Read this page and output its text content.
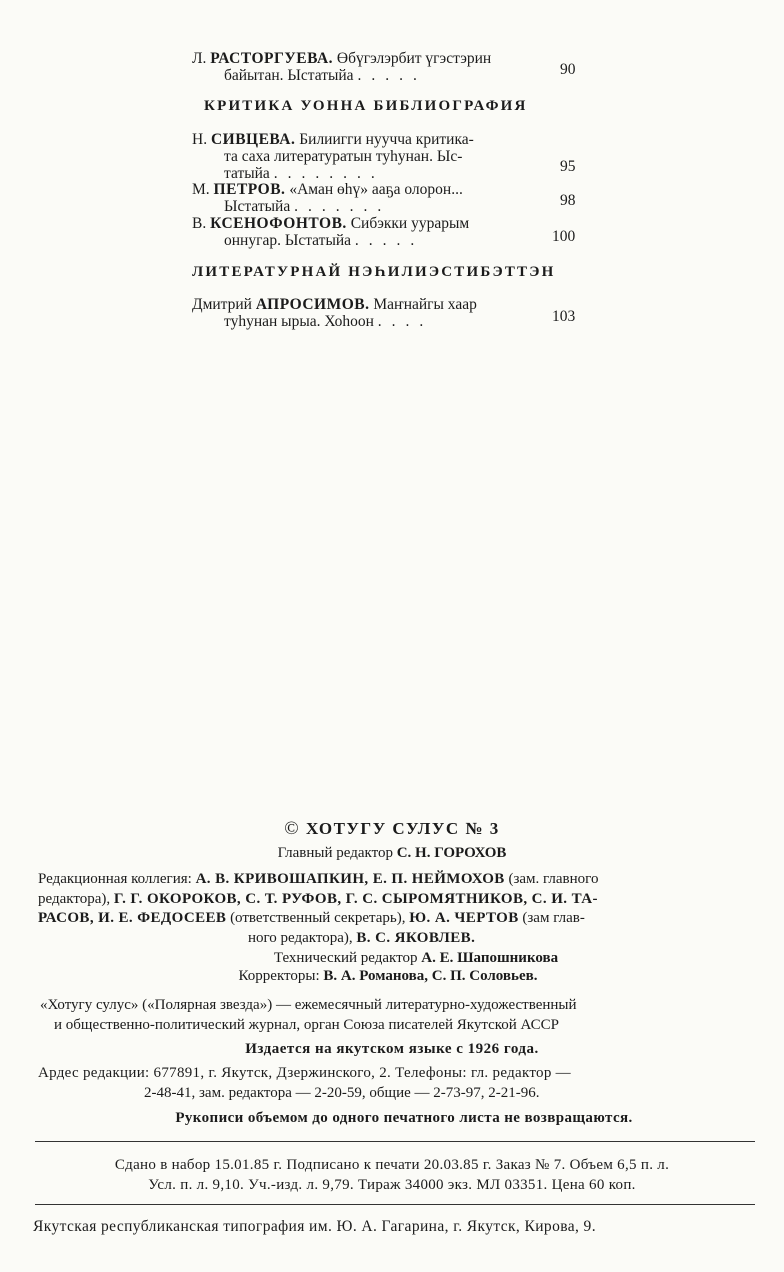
Л. РАСТОРГУЕВА. Өбүгэлэрбит үгэстэрин
байытан. Ыстатыйа .....	90
КРИТИКА УОННА БИБЛИОГРАФИЯ
Н. СИВЦЕВА. Билиигги нууччa критика-
та саха литературатын туһунан. Ыс-
татыйа ........	95
М. ПЕТРОВ. «Аман өһү» ааҕа олорон...
Ыстатыйа .......	98
В. КСЕНОФОНТОВ. Сибэкки уурарым
оннугар. Ыстатыйа .....	100
ЛИТЕРАТУРНАЙ НЭҺИЛИЭСТИБЭТТЭН
Дмитрий АПРОСИМОВ. Маҥнайгы хаар
туһунан ырыа. Хоһоон ....	103
© ХОТУГУ СУЛУС № 3
Главный редактор С. Н. ГОРОХОВ
Редакционная коллегия: А. В. КРИВОШАПКИН, Е. П. НЕЙМОХОВ (зам. главного
редактора), Г. Г. ОКОРОКОВ, С. Т. РУФОВ, Г. С. СЫРОМЯТНИКОВ, С. И. ТА-
РАСОВ, И. Е. ФЕДОСЕЕВ (ответственный секретарь), Ю. А. ЧЕРТОВ (зам глав-
ного редактора), В. С. ЯКОВЛЕВ.
Технический редактор А. Е. Шапошникова
Корректоры: В. А. Романова, С. П. Соловьев.
«Хотугу сулус» («Полярная звезда») — ежемесячный литературно-художественный
и общественно-политический журнал, орган Союза писателей Якутской АССР
Издается на якутском языке с 1926 года.
Ардес редакции: 677891, г. Якутск, Дзержинского, 2. Телефоны: гл. редактор —
2-48-41, зам. редактора — 2-20-59, общие — 2-73-97, 2-21-96.
Рукописи объемом до одного печатного листа не возвращаются.
Сдано в набор 15.01.85 г. Подписано к печати 20.03.85 г. Заказ № 7. Объем 6,5 п. л.
Усл. п. л. 9,10. Уч.-изд. л. 9,79. Тираж 34000 экз. МЛ 03351. Цена 60 коп.
Якутская республиканская типография им. Ю. А. Гагарина, г. Якутск, Кирова, 9.
